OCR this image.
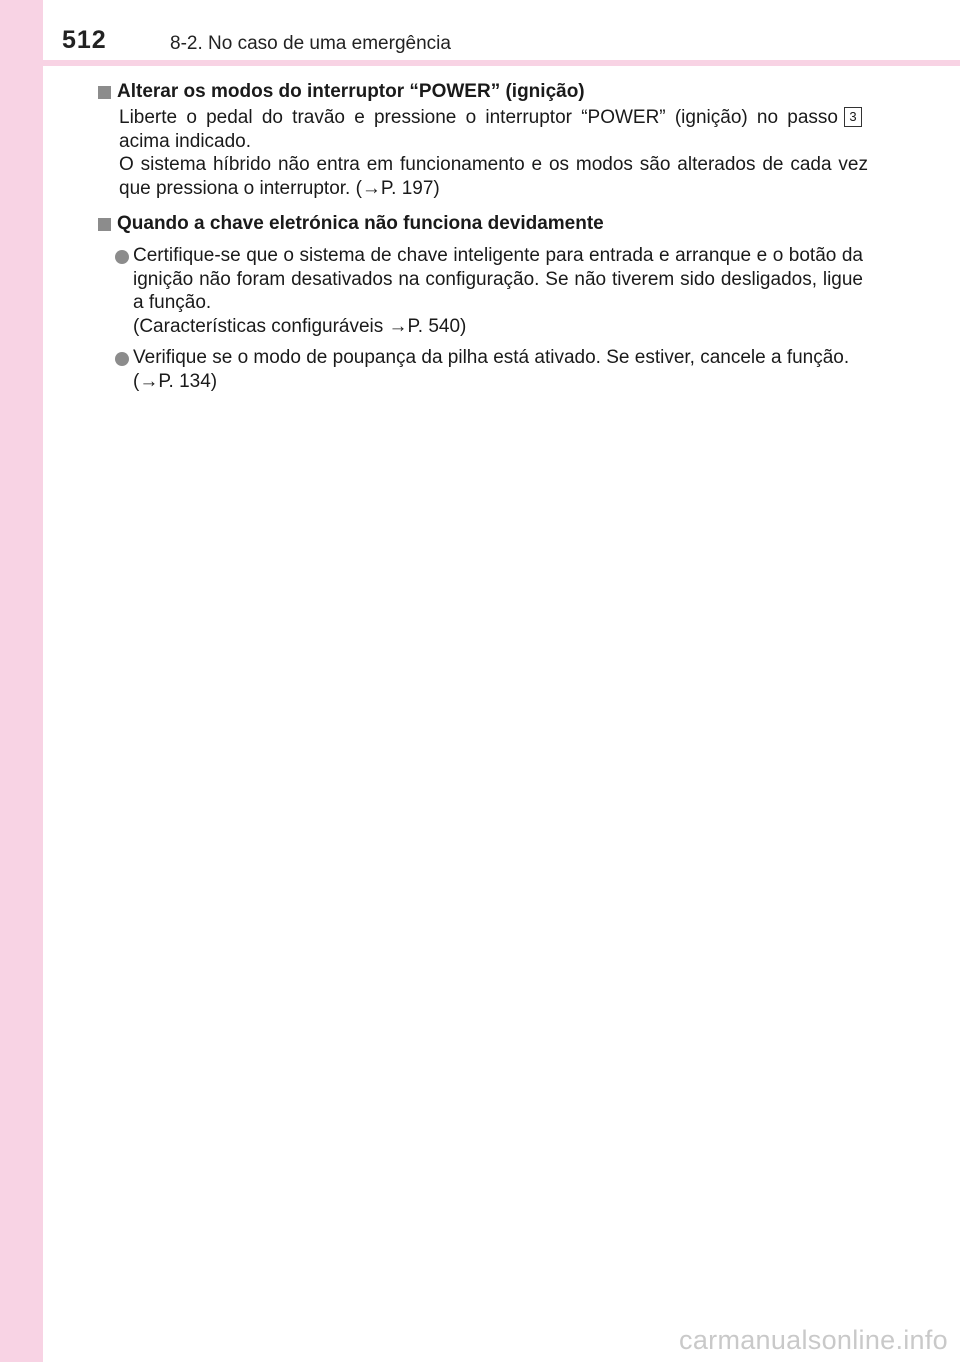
512	8-2. No caso de uma emergência
Alterar os modos do interruptor “POWER” (ignição)
Liberte o pedal do travão e pressione o interruptor “POWER” (ignição) no passo 3acima indicado.
O sistema híbrido não entra em funcionamento e os modos são alterados de cada vez que pressiona o interruptor. (→P. 197)
Quando a chave eletrónica não funciona devidamente
Certifique-se que o sistema de chave inteligente para entrada e arranque e o botão da ignição não foram desativados na configuração. Se não tiverem sido desligados, ligue a função.
(Características configuráveis →P. 540)
Verifique se o modo de poupança da pilha está ativado. Se estiver, cancele a função.
(→P. 134)
carmanualsonline.info
